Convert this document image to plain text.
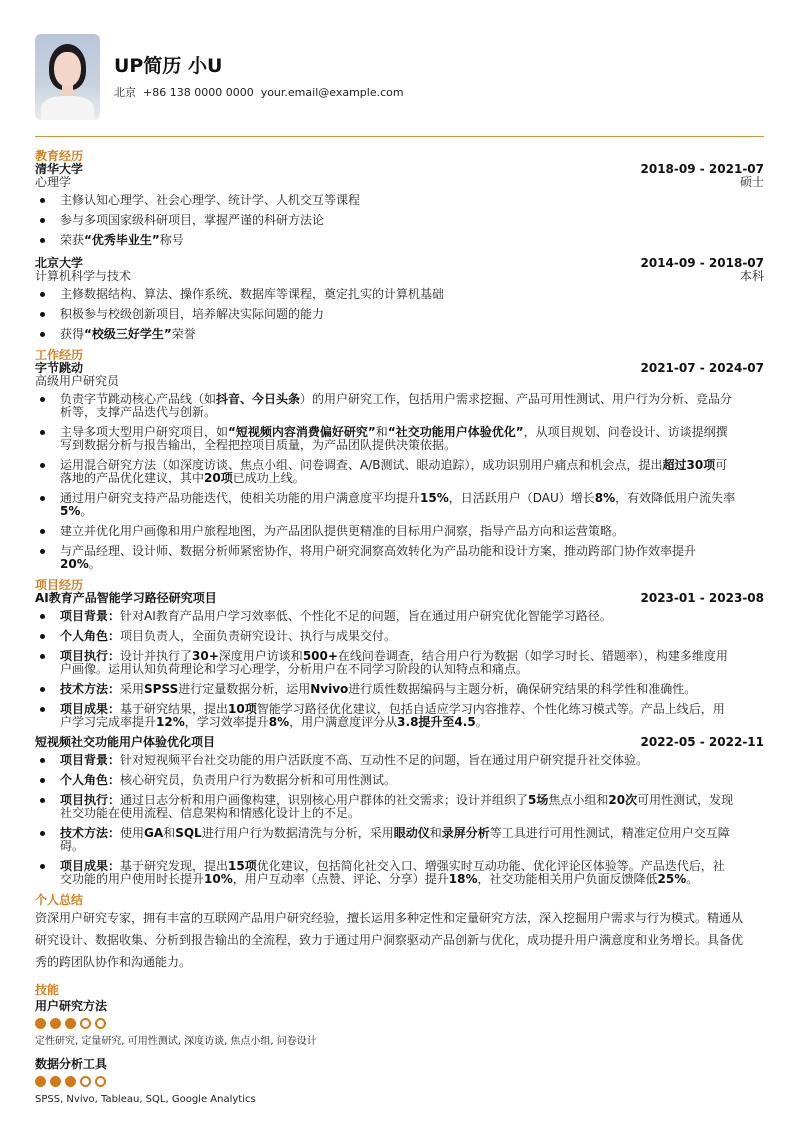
UP简历 小U
北京 +86 138 0000 0000 your.email@example.com
教育经历
清华大学	2018-09 - 2021-07
心理学	硕士
主修认知心理学、社会心理学、统计学、人机交互等课程
参与多项国家级科研项目，掌握严谨的科研方法论
荣获“优秀毕业生”称号
北京大学	2014-09 - 2018-07
计算机科学与技术	本科
主修数据结构、算法、操作系统、数据库等课程，奠定扎实的计算机基础
积极参与校级创新项目，培养解决实际问题的能力
获得“校级三好学生”荣誉
工作经历
字节跳动	2021-07 - 2024-07
高级用户研究员
负责字节跳动核心产品线（如抖音、今日头条）的用户研究工作，包括用户需求挖掘、产品可用性测试、用户行为分析、竞品分析等，支撑产品迭代与创新。
主导多项大型用户研究项目，如“短视频内容消费偏好研究”和“社交功能用户体验优化”，从项目规划、问卷设计、访谈提纲撰写到数据分析与报告输出，全程把控项目质量，为产品团队提供决策依据。
运用混合研究方法（如深度访谈、焦点小组、问卷调查、A/B测试、眼动追踪），成功识别用户痛点和机会点，提出超过30项可落地的产品优化建议，其中20项已成功上线。
通过用户研究支持产品功能迭代，使相关功能的用户满意度平均提升15%，日活跃用户（DAU）增长8%，有效降低用户流失率5%。
建立并优化用户画像和用户旅程地图，为产品团队提供更精准的目标用户洞察，指导产品方向和运营策略。
与产品经理、设计师、数据分析师紧密协作，将用户研究洞察高效转化为产品功能和设计方案，推动跨部门协作效率提升20%。
项目经历
AI教育产品智能学习路径研究项目	2023-01 - 2023-08
项目背景：针对AI教育产品用户学习效率低、个性化不足的问题，旨在通过用户研究优化智能学习路径。
个人角色：项目负责人，全面负责研究设计、执行与成果交付。
项目执行：设计并执行了30+深度用户访谈和500+在线问卷调查，结合用户行为数据（如学习时长、错题率），构建多维度用户画像。运用认知负荷理论和学习心理学，分析用户在不同学习阶段的认知特点和痛点。
技术方法：采用SPSS进行定量数据分析，运用Nvivo进行质性数据编码与主题分析，确保研究结果的科学性和准确性。
项目成果：基于研究结果，提出10项智能学习路径优化建议，包括自适应学习内容推荐、个性化练习模式等。产品上线后，用户学习完成率提升12%，学习效率提升8%，用户满意度评分从3.8提升至4.5。
短视频社交功能用户体验优化项目	2022-05 - 2022-11
项目背景：针对短视频平台社交功能的用户活跃度不高、互动性不足的问题，旨在通过用户研究提升社交体验。
个人角色：核心研究员，负责用户行为数据分析和可用性测试。
项目执行：通过日志分析和用户画像构建，识别核心用户群体的社交需求；设计并组织了5场焦点小组和20次可用性测试，发现社交功能在使用流程、信息架构和情感化设计上的不足。
技术方法：使用GA和SQL进行用户行为数据清洗与分析，采用眼动仪和录屏分析等工具进行可用性测试，精准定位用户交互障碍。
项目成果：基于研究发现，提出15项优化建议，包括简化社交入口、增强实时互动功能、优化评论区体验等。产品迭代后，社交功能的用户使用时长提升10%，用户互动率（点赞、评论、分享）提升18%，社交功能相关用户负面反馈降低25%。
个人总结
资深用户研究专家，拥有丰富的互联网产品用户研究经验，擅长运用多种定性和定量研究方法，深入挖掘用户需求与行为模式。精通从研究设计、数据收集、分析到报告输出的全流程，致力于通过用户洞察驱动产品创新与优化，成功提升用户满意度和业务增长。具备优秀的跨团队协作和沟通能力。
技能
用户研究方法
定性研究, 定量研究, 可用性测试, 深度访谈, 焦点小组, 问卷设计
数据分析工具
SPSS, Nvivo, Tableau, SQL, Google Analytics
